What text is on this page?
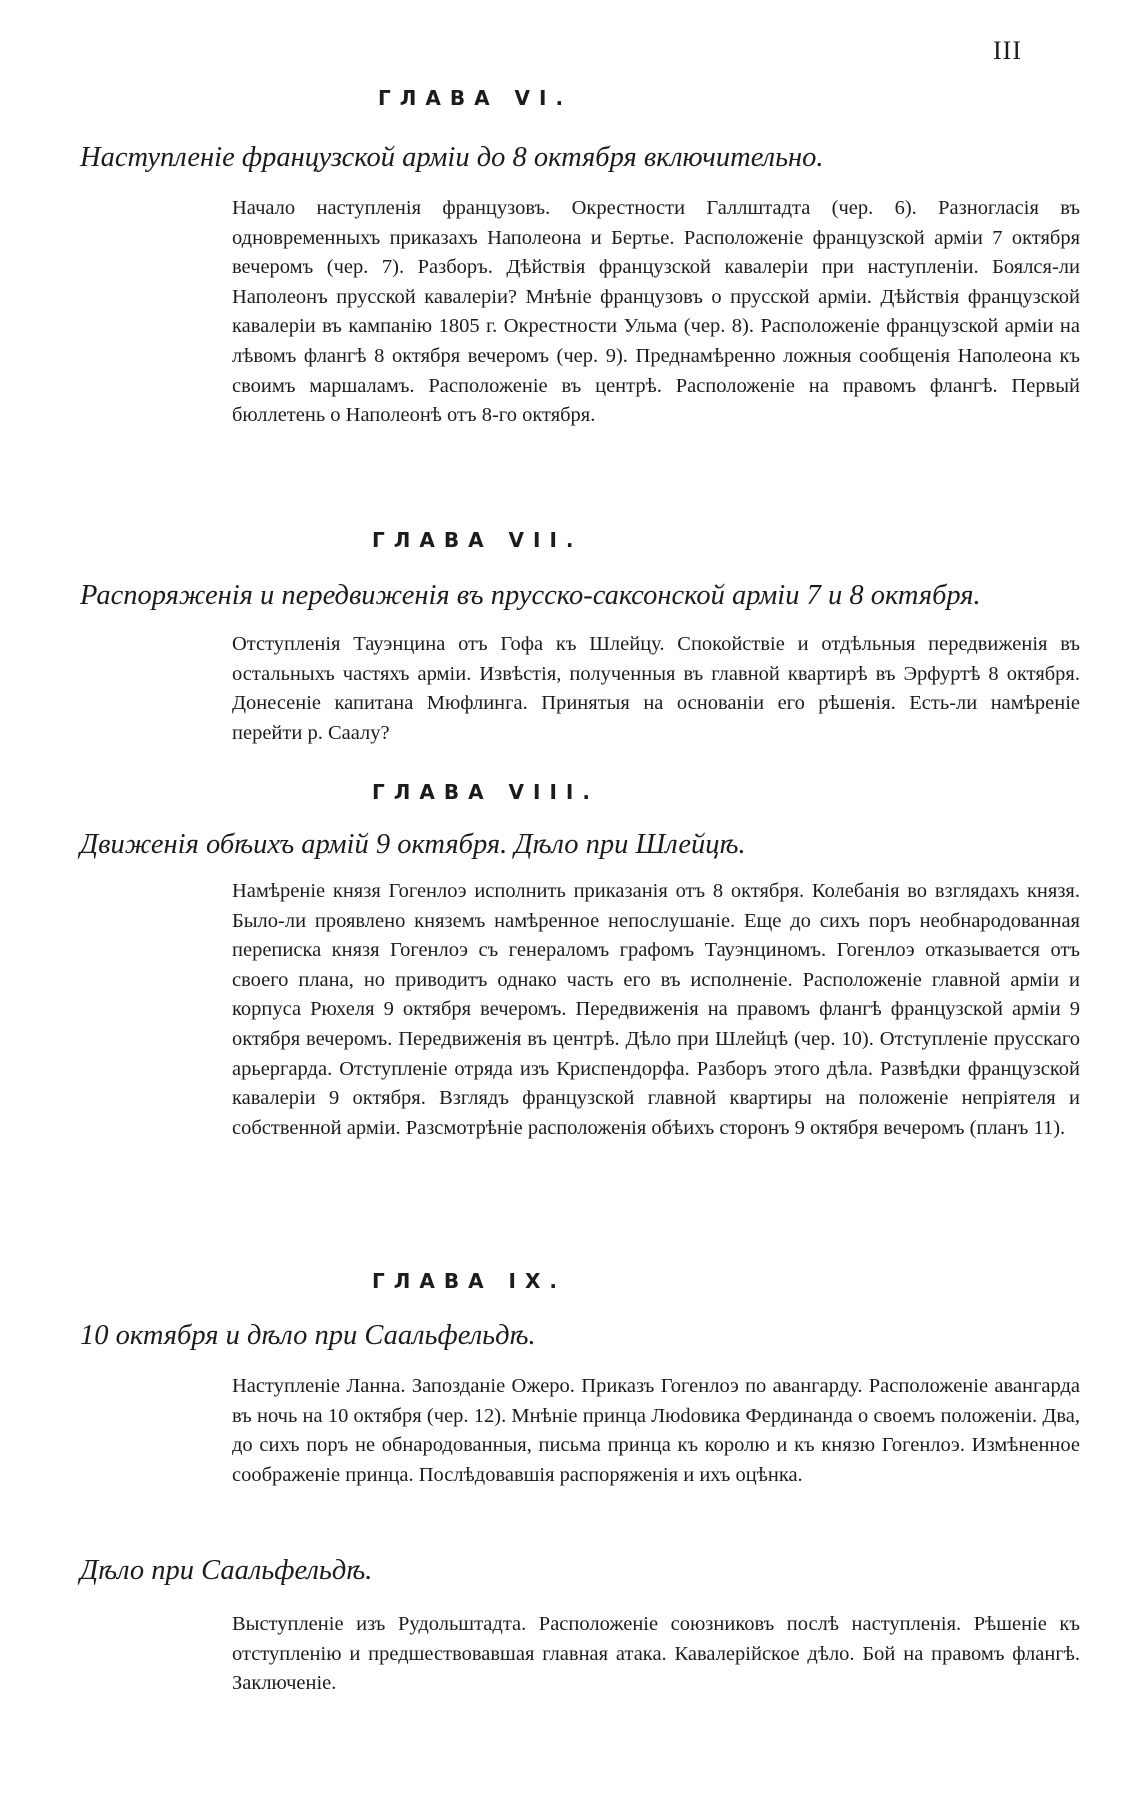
III
ГЛАВА VI.
Наступленіе французской арміи до 8 октября включительно.

Начало наступленія французовъ. Окрестности Галлштадта (чер. 6). Разногласія въ одновременныхъ приказахъ Наполеона и Бертье. Расположеніе французской арміи 7 октября вечеромъ (чер. 7). Разборъ. Дѣйствія французской кавалеріи при наступленіи. Боялся-ли Наполеонъ прусской кавалеріи? Мнѣніе французовъ о прусской арміи. Дѣйствія французской кавалеріи въ кампанію 1805 г. Окрестности Ульма (чер. 8). Расположеніе французской арміи на лѣвомъ флангѣ 8 октября вечеромъ (чер. 9). Преднамѣренно ложныя сообщенія Наполеона къ своимъ маршаламъ. Расположеніе въ центрѣ. Расположеніе на правомъ флангѣ. Первый бюллетень о Наполеонѣ отъ 8-го октября.

ГЛАВА VII.
Распоряженія и передвиженія въ прусско-саксонской арміи 7 и 8 октября.

Отступленія Тауэнцина отъ Гофа къ Шлейцу. Спокойствіе и отдѣльныя передвиженія въ остальныхъ частяхъ арміи. Извѣстія, полученныя въ главной квартирѣ въ Эрфуртѣ 8 октября. Донесеніе капитана Мюфлинга. Принятыя на основаніи его рѣшенія. Есть-ли намѣреніе перейти р. Саалу?

ГЛАВА VIII.
Движенія обѣихъ армій 9 октября. Дѣло при Шлейцѣ.

Намѣреніе князя Гогенлоэ исполнить приказанія отъ 8 октября. Колебанія во взглядахъ князя. Было-ли проявлено княземъ намѣренное непослушаніе. Еще до сихъ поръ необнародованная переписка князя Гогенлоэ съ генераломъ графомъ Тауэнциномъ. Гогенлоэ отказывается отъ своего плана, но приводитъ однако часть его въ исполненіе. Расположеніе главной арміи и корпуса Рюхеля 9 октября вечеромъ. Передвиженія на правомъ флангѣ французской арміи 9 октября вечеромъ. Передвиженія въ центрѣ. Дѣло при Шлейцѣ (чер. 10). Отступленіе прусскаго арьергарда. Отступленіе отряда изъ Криспендорфа. Разборъ этого дѣла. Развѣдки французской кавалеріи 9 октября. Взглядъ французской главной квартиры на положеніе непріятеля и собственной арміи. Разсмотрѣніе расположенія обѣихъ сторонъ 9 октября вечеромъ (планъ 11).

ГЛАВА IX.
10 октября и дѣло при Саальфельдѣ.

Наступленіе Ланна. Запозданіе Ожеро. Приказъ Гогенлоэ по авангарду. Расположеніе авангарда въ ночь на 10 октября (чер. 12). Мнѣніе принца Люdовика Фердинанда о своемъ положеніи. Два, до сихъ поръ не обнародованныя, письма принца къ королю и къ князю Гогенлоэ. Измѣненное соображеніе принца. Послѣдовавшія распоряженія и ихъ оцѣнка.

Дѣло при Саальфельдѣ.

Выступленіе изъ Рудольштадта. Расположеніе союзниковъ послѣ наступленія. Рѣшеніе къ отступленію и предшествовавшая главная атака. Кавалерійское дѣло. Бой на правомъ флангѣ. Заключеніе.
